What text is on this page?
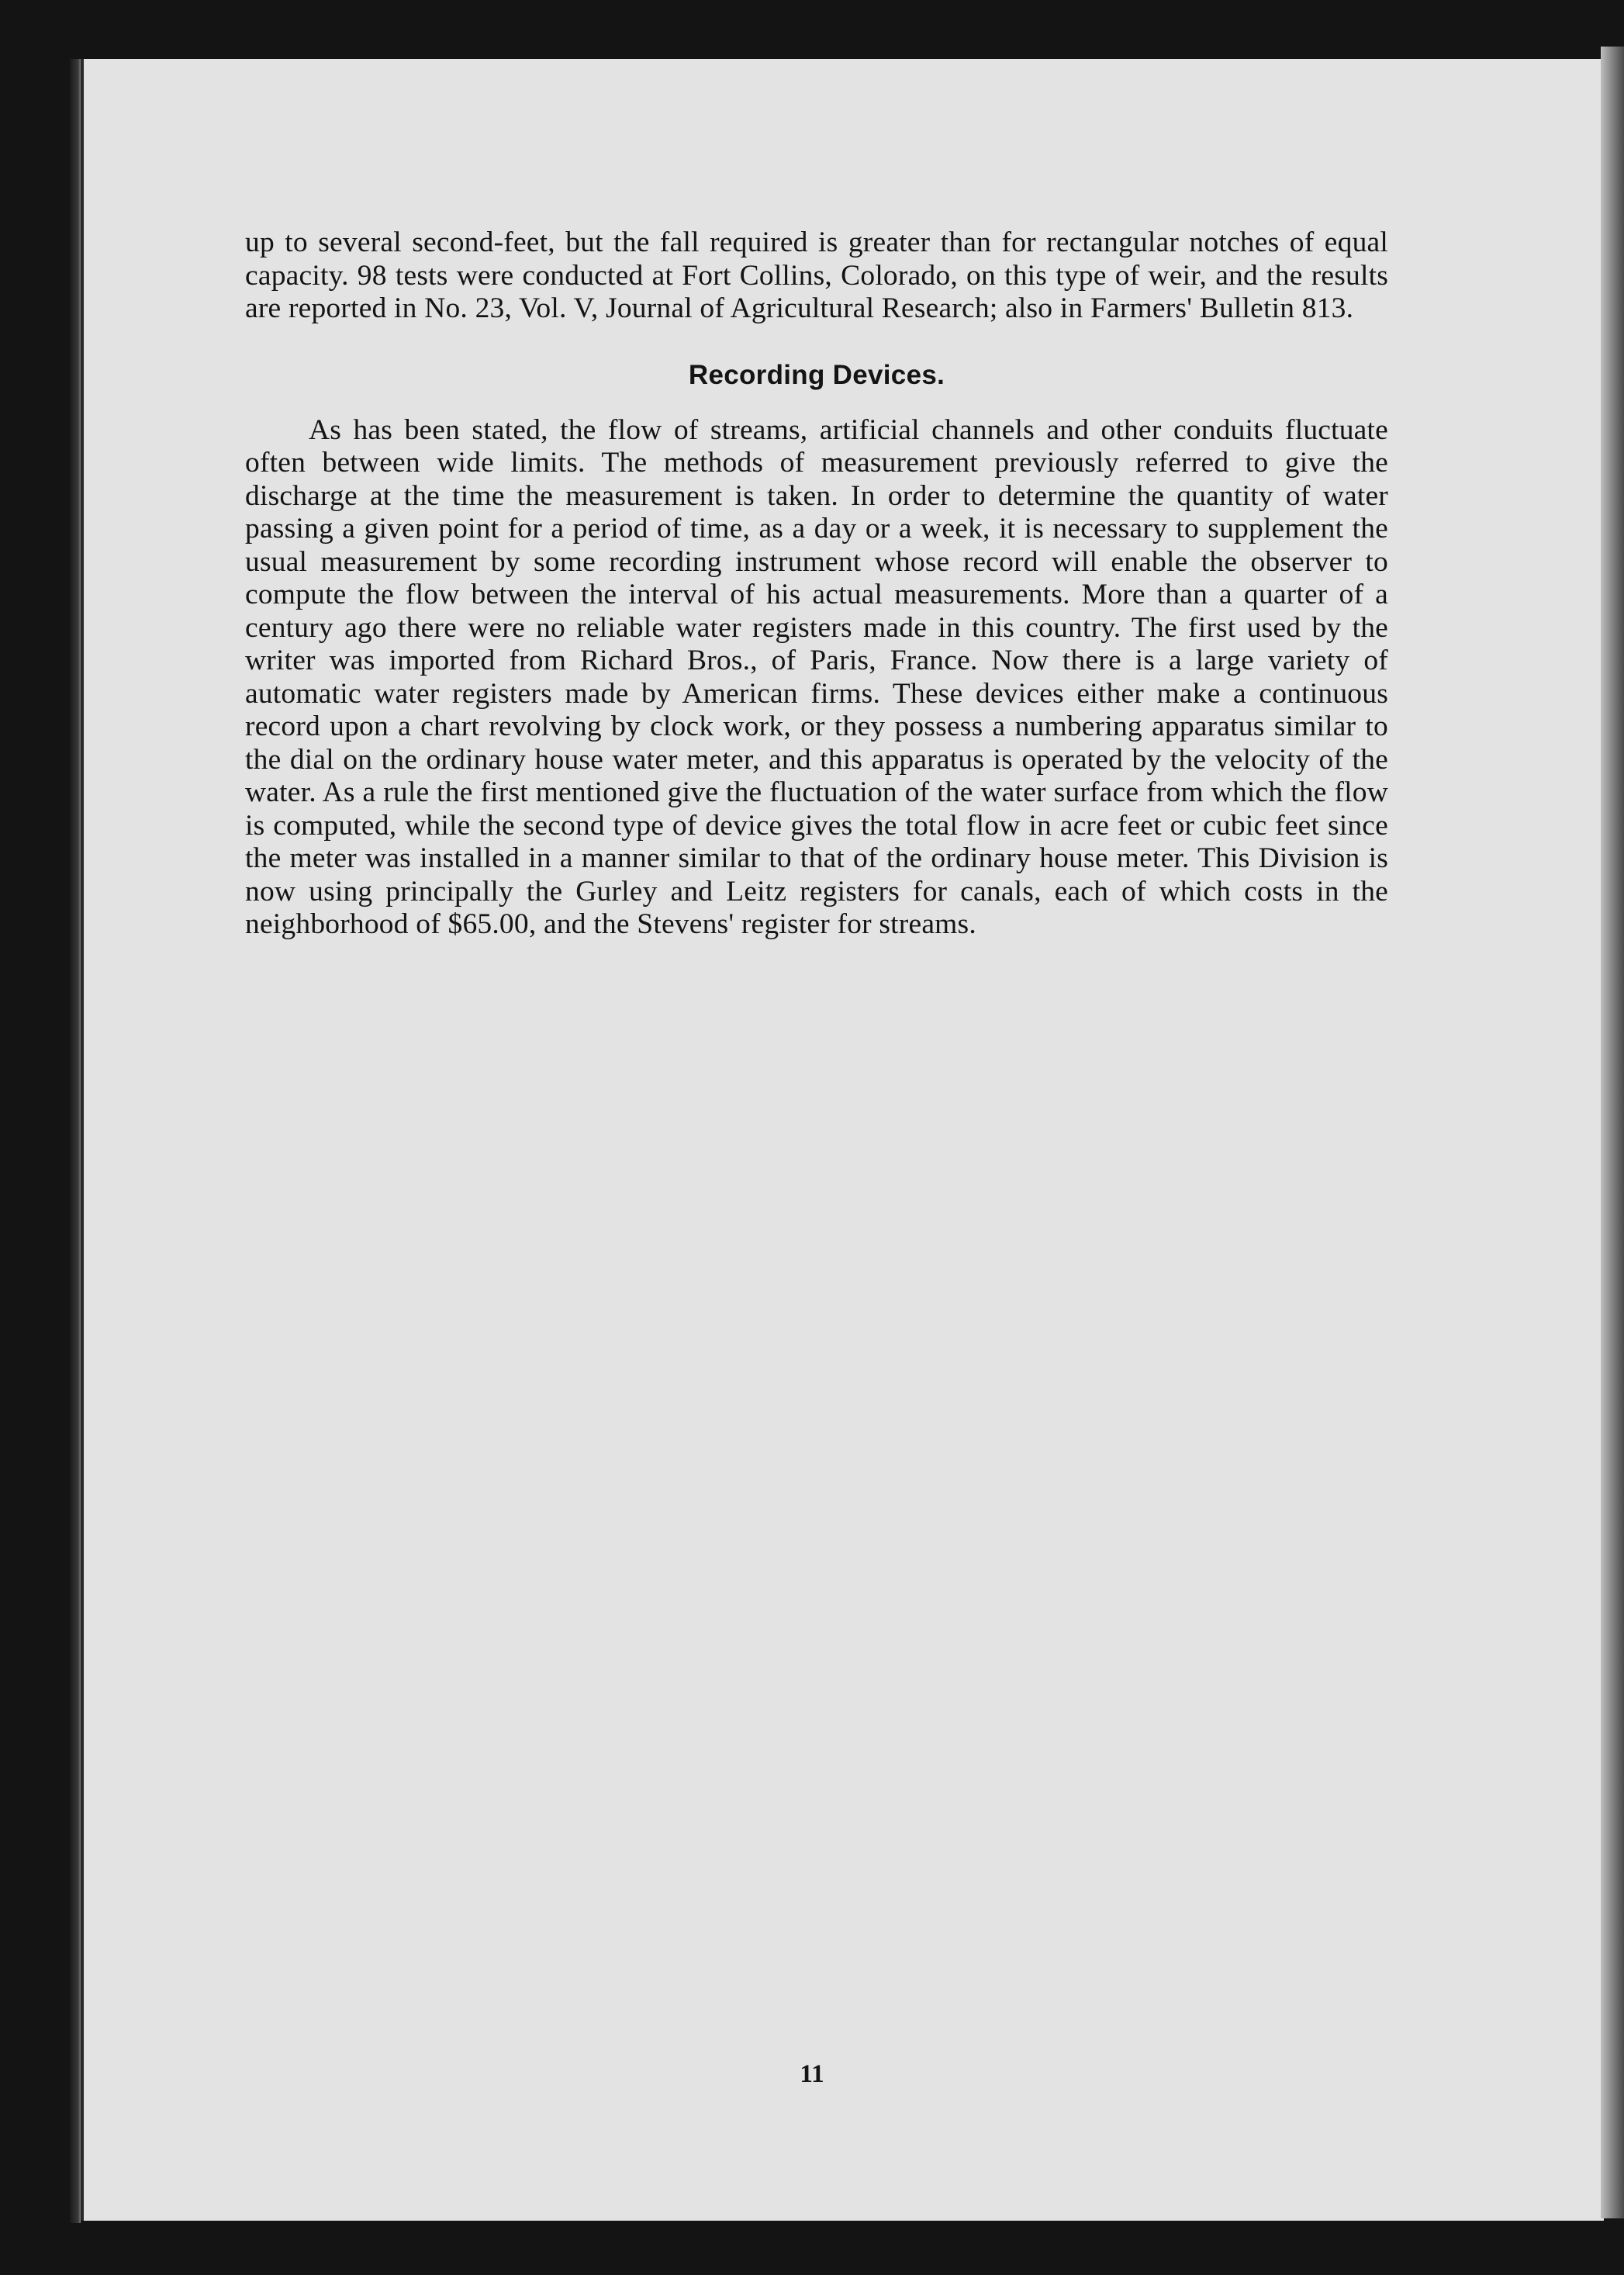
up to several second-feet, but the fall required is greater than for rectangular notches of equal capacity. 98 tests were conducted at Fort Collins, Colorado, on this type of weir, and the results are reported in No. 23, Vol. V, Journal of Agricultural Research; also in Farmers' Bulletin 813.

Recording Devices.

As has been stated, the flow of streams, artificial channels and other conduits fluctuate often between wide limits. The methods of measurement previously referred to give the discharge at the time the measurement is taken. In order to determine the quantity of water passing a given point for a period of time, as a day or a week, it is necessary to supplement the usual measurement by some recording instrument whose record will enable the observer to compute the flow between the interval of his actual measurements. More than a quarter of a century ago there were no reliable water registers made in this country. The first used by the writer was imported from Richard Bros., of Paris, France. Now there is a large variety of automatic water registers made by American firms. These devices either make a continuous record upon a chart revolving by clock work, or they possess a numbering apparatus similar to the dial on the ordinary house water meter, and this apparatus is operated by the velocity of the water. As a rule the first mentioned give the fluctuation of the water surface from which the flow is computed, while the second type of device gives the total flow in acre feet or cubic feet since the meter was installed in a manner similar to that of the ordinary house meter. This Division is now using principally the Gurley and Leitz registers for canals, each of which costs in the neighborhood of $65.00, and the Stevens' register for streams.

11
